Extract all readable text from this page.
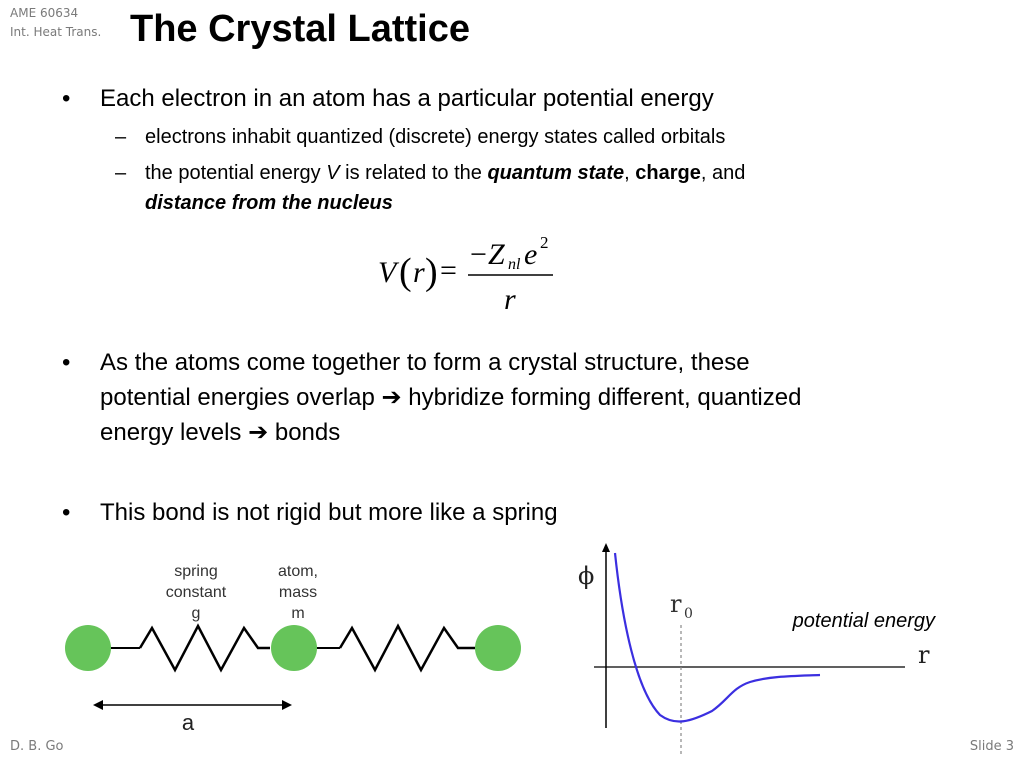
AME 60634
Int. Heat Trans. The Crystal Lattice
• Each electron in an atom has a particular potential energy
– electrons inhabit quantized (discrete) energy states called orbitals
– the potential energy V is related to the quantum state, charge, and
distance from the nucleus
V ( r ) = − Z nl e 2
r
• As the atoms come together to form a crystal structure, these
potential energies overlap ➔ hybridize forming different, quantized
energy levels ➔ bonds
• This bond is not rigid but more like a spring
spring
constant
g
atom,
mass
m
a
ϕ
r
r 0	potential energy
D. B. Go	Slide 3
